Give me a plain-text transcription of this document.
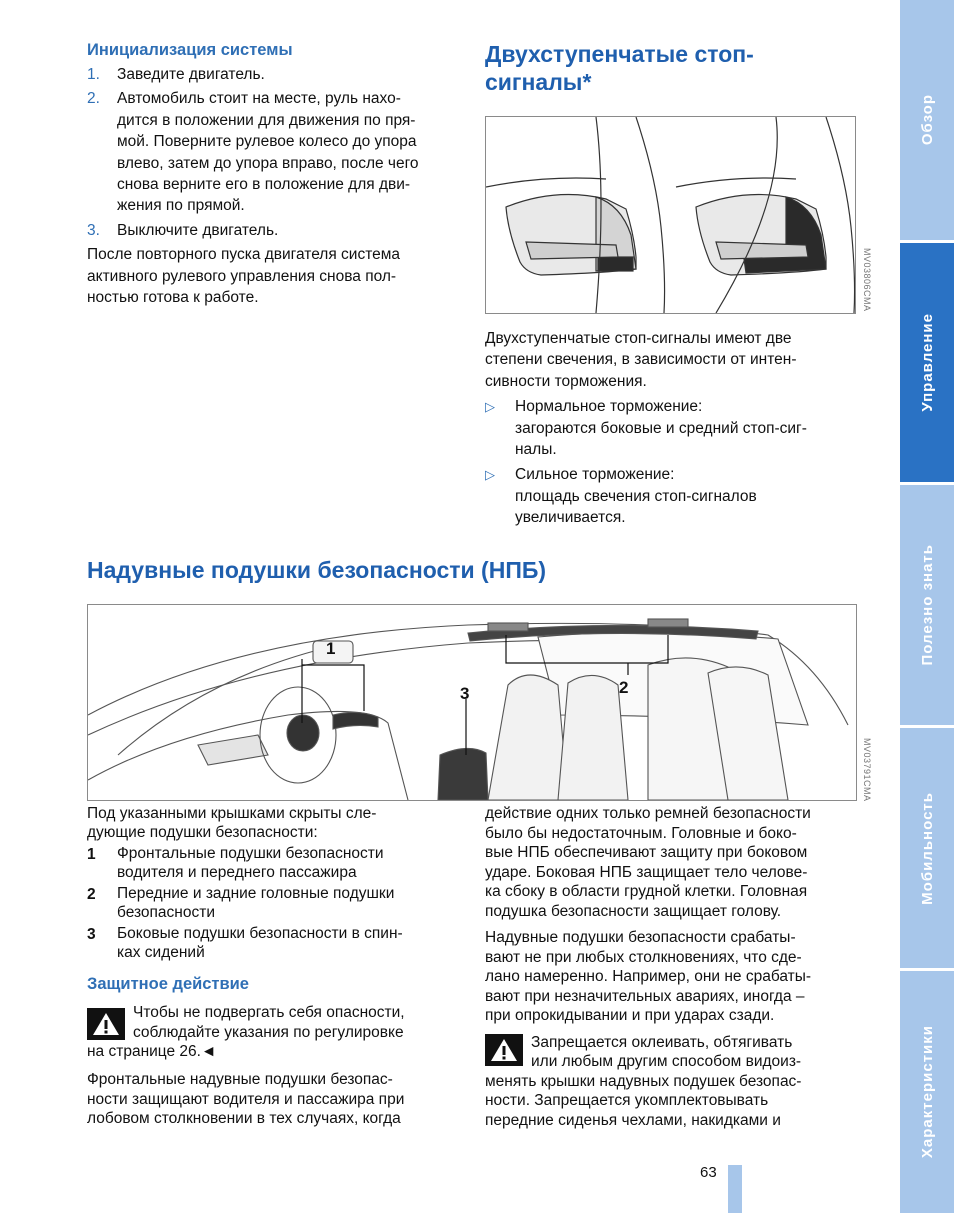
Инициализация системы
1. Заведите двигатель.
2. Автомобиль стоит на месте, руль нахо-
дится в положении для движения по пря-
мой. Поверните рулевое колесо до упора
влево, затем до упора вправо, после чего
снова верните его в положение для дви-
жения по прямой.
3. Выключите двигатель.
После повторного пуска двигателя система
активного рулевого управления снова пол-
ностью готова к работе.
Двухступенчатые стоп-
сигналы*
MV03806CMA
Двухступенчатые стоп-сигналы имеют две
степени свечения, в зависимости от интен-
сивности торможения.
▷ Нормальное торможение:
загораются боковые и средний стоп-сиг-
налы.
▷ Сильное торможение:
площадь свечения стоп-сигналов
увеличивается.
Надувные подушки безопасности (НПБ)
1
2
3
MV03791CMA
Под указанными крышками скрыты сле-
дующие подушки безопасности:
1 Фронтальные подушки безопасности
водителя и переднего пассажира
2 Передние и задние головные подушки
безопасности
3 Боковые подушки безопасности в спин-
ках сидений
Защитное действие
Чтобы не подвергать себя опасности,
соблюдайте указания по регулировке
на странице 26.◄
Фронтальные надувные подушки безопас-
ности защищают водителя и пассажира при
лобовом столкновении в тех случаях, когда
действие одних только ремней безопасности
было бы недостаточным. Головные и боко-
вые НПБ обеспечивают защиту при боковом
ударе. Боковая НПБ защищает тело челове-
ка сбоку в области грудной клетки. Головная
подушка безопасности защищает голову.
Надувные подушки безопасности срабаты-
вают не при любых столкновениях, что сде-
лано намеренно. Например, они не срабаты-
вают при незначительных авариях, иногда –
при опрокидывании и при ударах сзади.
Запрещается оклеивать, обтягивать
или любым другим способом видоиз-
менять крышки надувных подушек безопас-
ности. Запрещается укомплектовывать
передние сиденья чехлами, накидками и
63
Обзор
Управление
Полезно знать
Мобильность
Характеристики
